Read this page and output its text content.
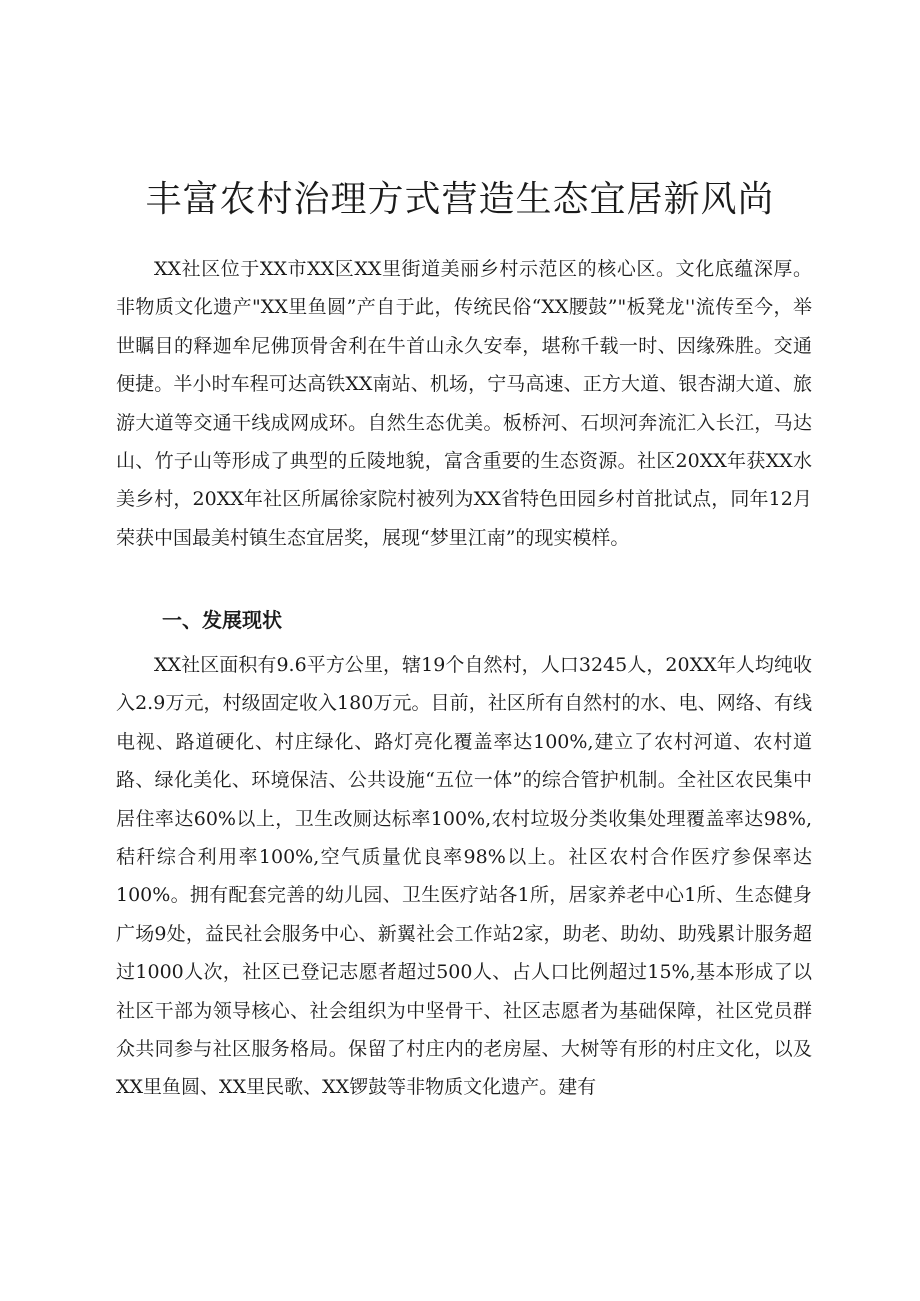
丰富农村治理方式营造生态宜居新风尚

XX社区位于XX市XX区XX里街道美丽乡村示范区的核心区。文化底蕴深厚。非物质文化遗产"XX里鱼圆”产自于此，传统民俗“XX腰鼓”"板凳龙''流传至今，举世瞩目的释迦牟尼佛顶骨舍利在牛首山永久安奉，堪称千载一时、因缘殊胜。交通便捷。半小时车程可达高铁XX南站、机场，宁马高速、正方大道、银杏湖大道、旅游大道等交通干线成网成环。自然生态优美。板桥河、石坝河奔流汇入长江，马达山、竹子山等形成了典型的丘陵地貌，富含重要的生态资源。社区20XX年获XX水美乡村，20XX年社区所属徐家院村被列为XX省特色田园乡村首批试点，同年12月荣获中国最美村镇生态宜居奖，展现“梦里江南”的现实模样。

一、发展现状

XX社区面积有9.6平方公里，辖19个自然村，人口3245人，20XX年人均纯收入2.9万元，村级固定收入180万元。目前，社区所有自然村的水、电、网络、有线电视、路道硬化、村庄绿化、路灯亮化覆盖率达100%,建立了农村河道、农村道路、绿化美化、环境保洁、公共设施“五位一体”的综合管护机制。全社区农民集中居住率达60%以上，卫生改厕达标率100%,农村垃圾分类收集处理覆盖率达98%,秸秆综合利用率100%,空气质量优良率98%以上。社区农村合作医疗参保率达100%。拥有配套完善的幼儿园、卫生医疗站各1所，居家养老中心1所、生态健身广场9处，益民社会服务中心、新翼社会工作站2家，助老、助幼、助残累计服务超过1000人次，社区已登记志愿者超过500人、占人口比例超过15%,基本形成了以社区干部为领导核心、社会组织为中坚骨干、社区志愿者为基础保障，社区党员群众共同参与社区服务格局。保留了村庄内的老房屋、大树等有形的村庄文化，以及XX里鱼圆、XX里民歌、XX锣鼓等非物质文化遗产。建有
